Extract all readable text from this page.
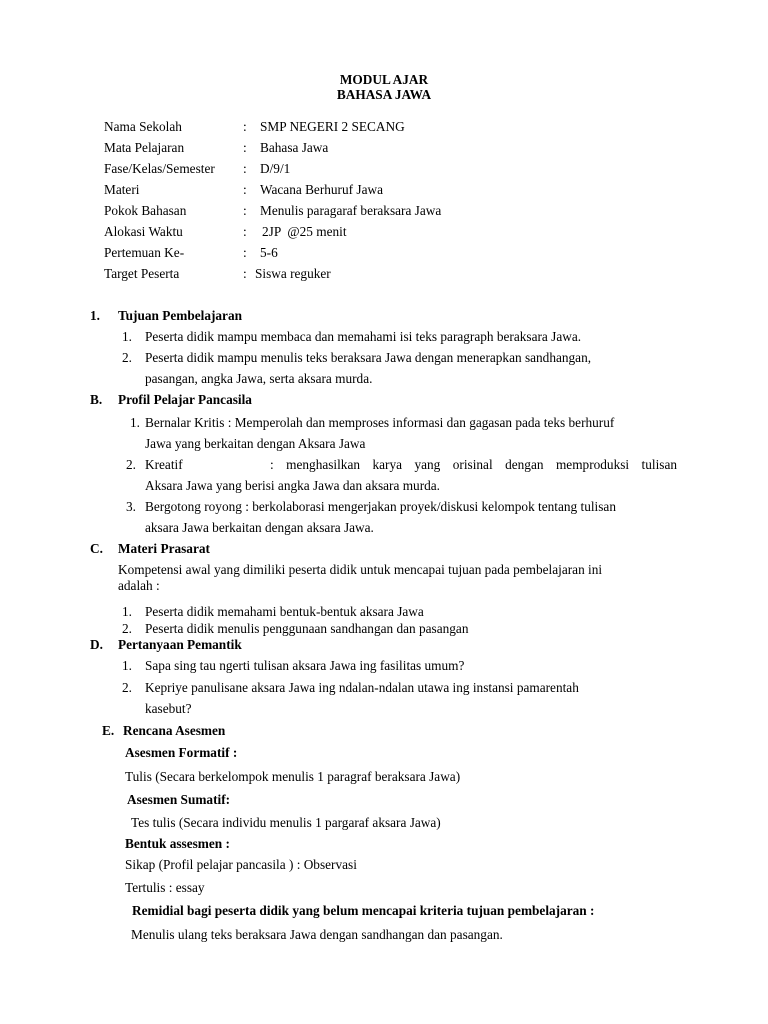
MODUL AJAR
BAHASA JAWA
Nama Sekolah	: SMP NEGERI 2 SECANG
Mata Pelajaran	: Bahasa Jawa
Fase/Kelas/Semester : D/9/1
Materi	: Wacana Berhuruf Jawa
Pokok Bahasan	: Menulis paragaraf beraksara Jawa
Alokasi Waktu	: 2JP  @25 menit
Pertemuan Ke-	: 5-6
Target Peserta	: Siswa reguker
1. Tujuan Pembelajaran
1. Peserta didik mampu membaca dan memahami isi teks paragraph beraksara Jawa.
2. Peserta didik mampu menulis teks beraksara Jawa dengan menerapkan sandhangan,
pasangan, angka Jawa, serta aksara murda.
B. Profil Pelajar Pancasila
1. Bernalar Kritis : Memperolah dan memproses informasi dan gagasan pada teks berhuruf
Jawa yang berkaitan dengan Aksara Jawa
2. Kreatif	: menghasilkan karya yang orisinal dengan memproduksi tulisan
Aksara Jawa yang berisi angka Jawa dan aksara murda.
3. Bergotong royong : berkolaborasi mengerjakan proyek/diskusi kelompok tentang tulisan
aksara Jawa berkaitan dengan aksara Jawa.
C. Materi Prasarat
Kompetensi awal yang dimiliki peserta didik untuk mencapai tujuan pada pembelajaran ini
adalah :
1. Peserta didik memahami bentuk-bentuk aksara Jawa
2. Peserta didik menulis penggunaan sandhangan dan pasangan
D. Pertanyaan Pemantik
1. Sapa sing tau ngerti tulisan aksara Jawa ing fasilitas umum?
2. Kepriye panulisane aksara Jawa ing ndalan-ndalan utawa ing instansi pamarentah
kasebut?
E. Rencana Asesmen
Asesmen Formatif :
Tulis (Secara berkelompok menulis 1 paragraf beraksara Jawa)
Asesmen Sumatif:
Tes tulis (Secara individu menulis 1 pargaraf aksara Jawa)
Bentuk assesmen :
Sikap (Profil pelajar pancasila ) : Observasi
Tertulis : essay
Remidial bagi peserta didik yang belum mencapai kriteria tujuan pembelajaran :
Menulis ulang teks beraksara Jawa dengan sandhangan dan pasangan.
